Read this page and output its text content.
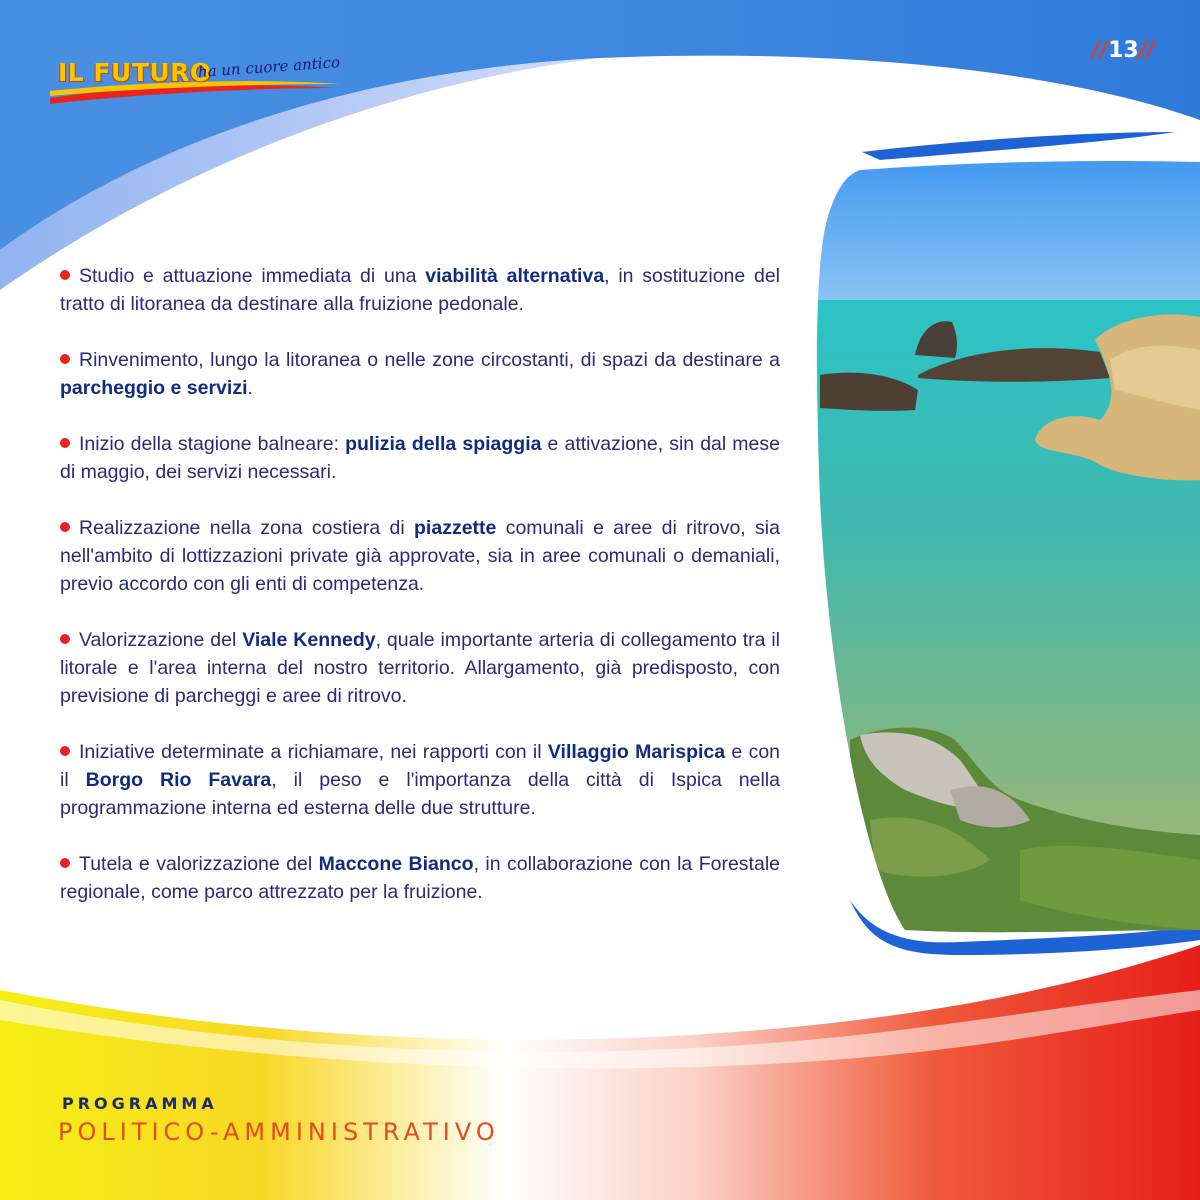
IL FUTURO
ha un cuore antico
//13//
Studio e attuazione immediata di una viabilità alternativa, in sostituzione del tratto di litoranea da destinare alla fruizione pedonale.
Rinvenimento, lungo la litoranea o nelle zone circostanti, di spazi da destinare a parcheggio e servizi.
Inizio della stagione balneare: pulizia della spiaggia e attivazione, sin dal mese di maggio, dei servizi necessari.
Realizzazione nella zona costiera di piazzette comunali e aree di ritrovo, sia nell'ambito di lottizzazioni private già approvate, sia in aree comunali o demaniali, previo accordo con gli enti di competenza.
Valorizzazione del Viale Kennedy, quale importante arteria di collegamento tra il litorale e l'area interna del nostro territorio. Allargamento, già predisposto, con previsione di parcheggi e aree di ritrovo.
Iniziative determinate a richiamare, nei rapporti con il Villaggio Marispica e con il Borgo Rio Favara, il peso e l'importanza della città di Ispica nella programmazione interna ed esterna delle due strutture.
Tutela e valorizzazione del Maccone Bianco, in collaborazione con la Forestale regionale, come parco attrezzato per la fruizione.
PROGRAMMA
POLITICO-AMMINISTRATIVO
